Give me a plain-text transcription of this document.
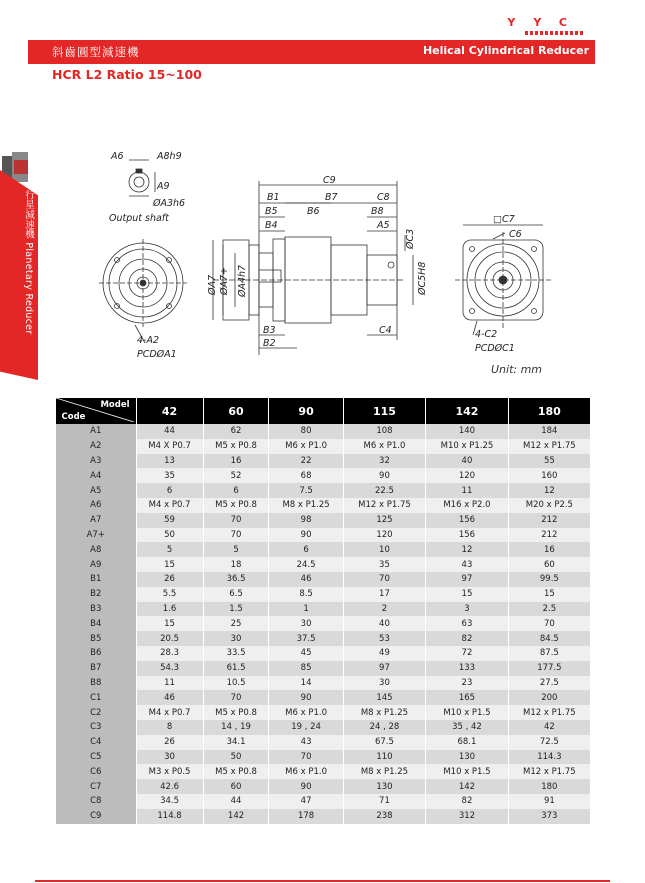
YYC
斜齒圓型減速機	Helical Cylindrical Reducer
HCR L2 Ratio 15~100
行星減速機 Planetary Reducer
A6	A8h9
A9
ØA3h6
Output shaft
C9
B1	B7	C8
B5	B6	B8
B4	A5
ØC3
ØC5H8
ØA7 ØA7+ ØA4h7
B3
B2
C4
□C7
C6
4-C2
PCDØC1
4-A2
PCDØA1
Unit: mm
Model
Code	42	60	90	115	142	180
A1	44	62	80	108	140	184
A2	M4 X P0.7	M5 x P0.8	M6 x P1.0	M6 x P1.0	M10 x P1.25	M12 x P1.75
A3	13	16	22	32	40	55
A4	35	52	68	90	120	160
A5	6	6	7.5	22.5	11	12
A6	M4 x P0.7	M5 x P0.8	M8 x P1.25	M12 x P1.75	M16 x P2.0	M20 x P2.5
A7	59	70	98	125	156	212
A7+	50	70	90	120	156	212
A8	5	5	6	10	12	16
A9	15	18	24.5	35	43	60
B1	26	36.5	46	70	97	99.5
B2	5.5	6.5	8.5	17	15	15
B3	1.6	1.5	1	2	3	2.5
B4	15	25	30	40	63	70
B5	20.5	30	37.5	53	82	84.5
B6	28.3	33.5	45	49	72	87.5
B7	54.3	61.5	85	97	133	177.5
B8	11	10.5	14	30	23	27.5
C1	46	70	90	145	165	200
C2	M4 x P0.7	M5 x P0.8	M6 x P1.0	M8 x P1.25	M10 x P1.5	M12 x P1.75
C3	8	14 , 19	19 , 24	24 , 28	35 , 42	42
C4	26	34.1	43	67.5	68.1	72.5
C5	30	50	70	110	130	114.3
C6	M3 x P0.5	M5 x P0.8	M6 x P1.0	M8 x P1.25	M10 x P1.5	M12 x P1.75
C7	42.6	60	90	130	142	180
C8	34.5	44	47	71	82	91
C9	114.8	142	178	238	312	373
